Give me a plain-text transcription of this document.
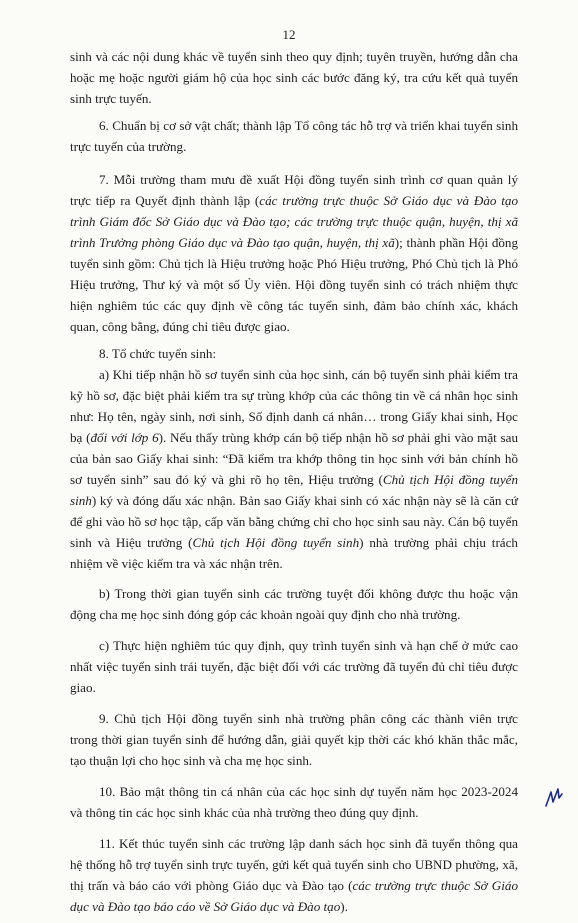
12

sinh và các nội dung khác về tuyển sinh theo quy định; tuyên truyền, hướng dẫn cha hoặc mẹ hoặc người giám hộ của học sinh các bước đăng ký, tra cứu kết quả tuyển sinh trực tuyến.

6. Chuẩn bị cơ sở vật chất; thành lập Tổ công tác hỗ trợ và triển khai tuyển sinh trực tuyến của trường.

7. Mỗi trường tham mưu đề xuất Hội đồng tuyển sinh trình cơ quan quản lý trực tiếp ra Quyết định thành lập (các trường trực thuộc Sở Giáo dục và Đào tạo trình Giám đốc Sở Giáo dục và Đào tạo; các trường trực thuộc quận, huyện, thị xã trình Trưởng phòng Giáo dục và Đào tạo quận, huyện, thị xã); thành phần Hội đồng tuyển sinh gồm: Chủ tịch là Hiệu trưởng hoặc Phó Hiệu trưởng, Phó Chủ tịch là Phó Hiệu trưởng, Thư ký và một số Ủy viên. Hội đồng tuyển sinh có trách nhiệm thực hiện nghiêm túc các quy định về công tác tuyển sinh, đảm bảo chính xác, khách quan, công bằng, đúng chỉ tiêu được giao.

8. Tổ chức tuyển sinh:

a) Khi tiếp nhận hồ sơ tuyển sinh của học sinh, cán bộ tuyển sinh phải kiểm tra kỹ hồ sơ, đặc biệt phải kiểm tra sự trùng khớp của các thông tin về cá nhân học sinh như: Họ tên, ngày sinh, nơi sinh, Số định danh cá nhân… trong Giấy khai sinh, Học bạ (đối với lớp 6). Nếu thấy trùng khớp cán bộ tiếp nhận hồ sơ phải ghi vào mặt sau của bản sao Giấy khai sinh: “Đã kiểm tra khớp thông tin học sinh với bản chính hồ sơ tuyển sinh” sau đó ký và ghi rõ họ tên, Hiệu trưởng (Chủ tịch Hội đồng tuyển sinh) ký và đóng dấu xác nhận. Bản sao Giấy khai sinh có xác nhận này sẽ là căn cứ để ghi vào hồ sơ học tập, cấp văn bằng chứng chỉ cho học sinh sau này. Cán bộ tuyển sinh và Hiệu trưởng (Chủ tịch Hội đồng tuyển sinh) nhà trường phải chịu trách nhiệm về việc kiểm tra và xác nhận trên.

b) Trong thời gian tuyển sinh các trường tuyệt đối không được thu hoặc vận động cha mẹ học sinh đóng góp các khoản ngoài quy định cho nhà trường.

c) Thực hiện nghiêm túc quy định, quy trình tuyển sinh và hạn chế ở mức cao nhất việc tuyển sinh trái tuyến, đặc biệt đối với các trường đã tuyển đủ chỉ tiêu được giao.

9. Chủ tịch Hội đồng tuyển sinh nhà trường phân công các thành viên trực trong thời gian tuyển sinh để hướng dẫn, giải quyết kịp thời các khó khăn thắc mắc, tạo thuận lợi cho học sinh và cha mẹ học sinh.

10. Bảo mật thông tin cá nhân của các học sinh dự tuyển năm học 2023-2024 và thông tin các học sinh khác của nhà trường theo đúng quy định.

11. Kết thúc tuyển sinh các trường lập danh sách học sinh đã tuyển thông qua hệ thống hỗ trợ tuyển sinh trực tuyến, gửi kết quả tuyển sinh cho UBND phường, xã, thị trấn và báo cáo với phòng Giáo dục và Đào tạo (các trường trực thuộc Sở Giáo dục và Đào tạo báo cáo về Sở Giáo dục và Đào tạo).
